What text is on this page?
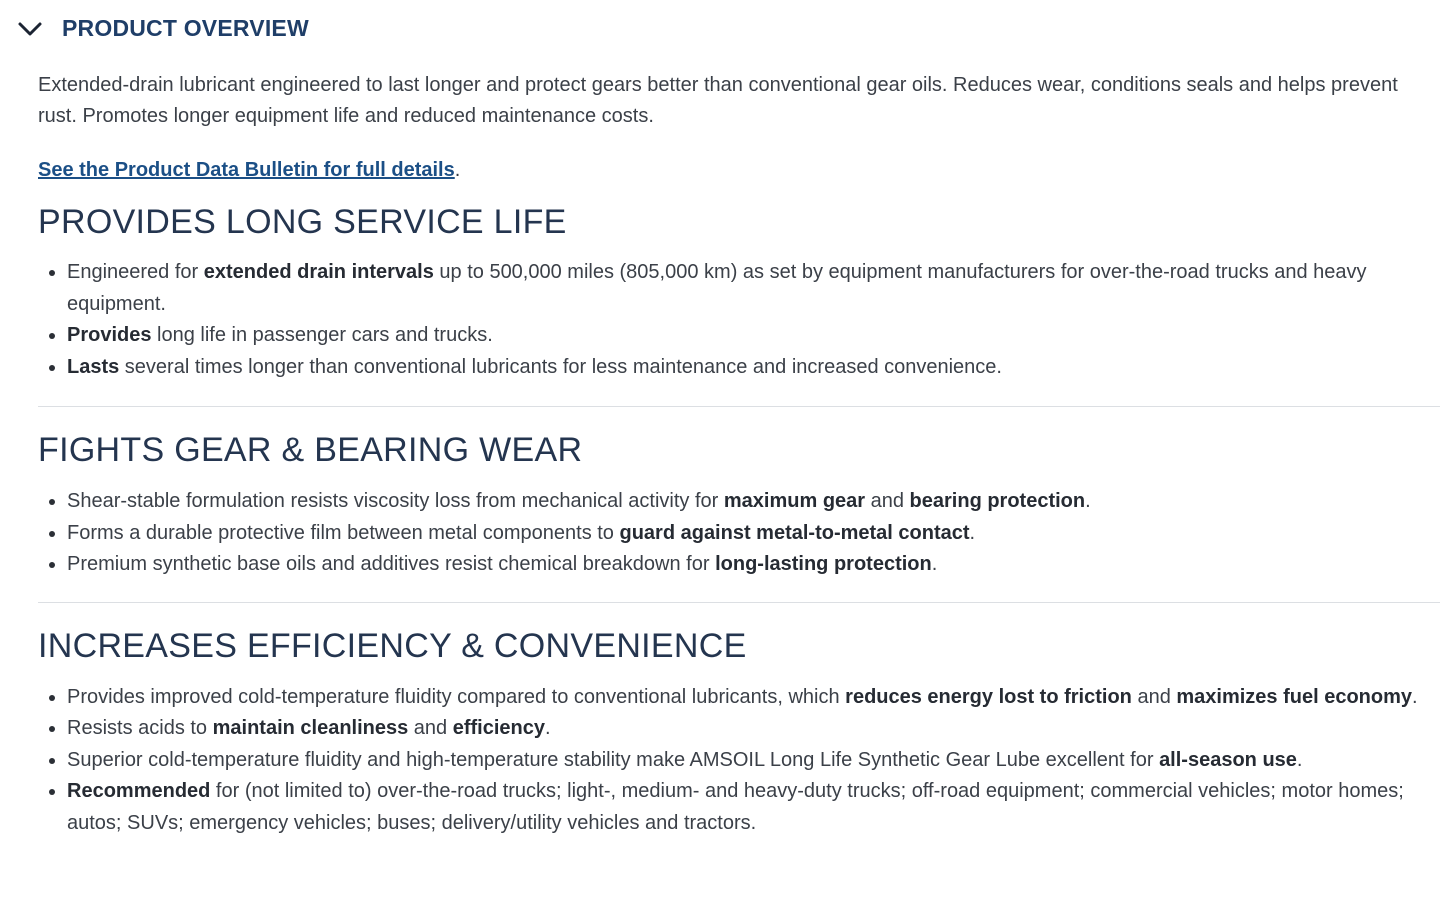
PRODUCT OVERVIEW

Extended-drain lubricant engineered to last longer and protect gears better than conventional gear oils. Reduces wear, conditions seals and helps prevent rust. Promotes longer equipment life and reduced maintenance costs.

See the Product Data Bulletin for full details.

PROVIDES LONG SERVICE LIFE
Engineered for extended drain intervals up to 500,000 miles (805,000 km) as set by equipment manufacturers for over-the-road trucks and heavy equipment.
Provides long life in passenger cars and trucks.
Lasts several times longer than conventional lubricants for less maintenance and increased convenience.
FIGHTS GEAR & BEARING WEAR
Shear-stable formulation resists viscosity loss from mechanical activity for maximum gear and bearing protection.
Forms a durable protective film between metal components to guard against metal-to-metal contact.
Premium synthetic base oils and additives resist chemical breakdown for long-lasting protection.
INCREASES EFFICIENCY & CONVENIENCE
Provides improved cold-temperature fluidity compared to conventional lubricants, which reduces energy lost to friction and maximizes fuel economy.
Resists acids to maintain cleanliness and efficiency.
Superior cold-temperature fluidity and high-temperature stability make AMSOIL Long Life Synthetic Gear Lube excellent for all-season use.
Recommended for (not limited to) over-the-road trucks; light-, medium- and heavy-duty trucks; off-road equipment; commercial vehicles; motor homes; autos; SUVs; emergency vehicles; buses; delivery/utility vehicles and tractors.
